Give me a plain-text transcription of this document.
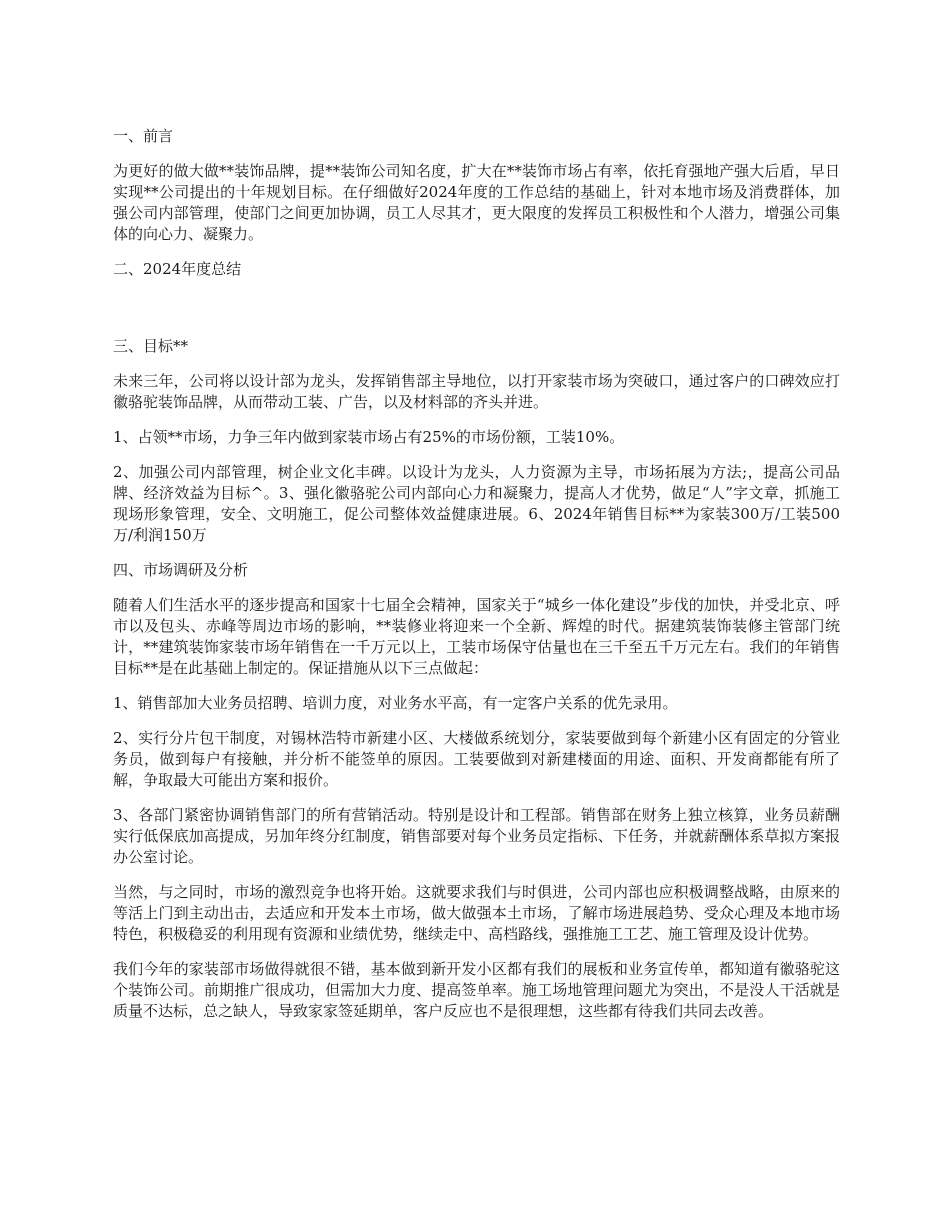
一、前言
为更好的做大做**装饰品牌，提**装饰公司知名度，扩大在**装饰市场占有率，依托育强地产强大后盾，早日实现**公司提出的十年规划目标。在仔细做好2024年度的工作总结的基础上，针对本地市场及消费群体，加强公司内部管理，使部门之间更加协调，员工人尽其才，更大限度的发挥员工积极性和个人潜力，增强公司集体的向心力、凝聚力。
二、2024年度总结
三、目标**
未来三年，公司将以设计部为龙头，发挥销售部主导地位，以打开家装市场为突破口，通过客户的口碑效应打徽骆驼装饰品牌，从而带动工装、广告，以及材料部的齐头并进。
1、占领**市场，力争三年内做到家装市场占有25%的市场份额，工装10%。
2、加强公司内部管理，树企业文化丰碑。以设计为龙头，人力资源为主导，市场拓展为方法;，提高公司品牌、经济效益为目标^。3、强化徽骆驼公司内部向心力和凝聚力，提高人才优势，做足“人”字文章，抓施工现场形象管理，安全、文明施工，促公司整体效益健康进展。6、2024年销售目标**为家装300万/工装500万/利润150万
四、市场调研及分析
随着人们生活水平的逐步提高和国家十七届全会精神，国家关于“城乡一体化建设”步伐的加快，并受北京、呼市以及包头、赤峰等周边市场的影响，**装修业将迎来一个全新、辉煌的时代。据建筑装饰装修主管部门统计，**建筑装饰家装市场年销售在一千万元以上，工装市场保守估量也在三千至五千万元左右。我们的年销售目标**是在此基础上制定的。保证措施从以下三点做起：
1、销售部加大业务员招聘、培训力度，对业务水平高，有一定客户关系的优先录用。
2、实行分片包干制度，对锡林浩特市新建小区、大楼做系统划分，家装要做到每个新建小区有固定的分管业务员，做到每户有接触，并分析不能签单的原因。工装要做到对新建楼面的用途、面积、开发商都能有所了解，争取最大可能出方案和报价。
3、各部门紧密协调销售部门的所有营销活动。特别是设计和工程部。销售部在财务上独立核算，业务员薪酬实行低保底加高提成，另加年终分红制度，销售部要对每个业务员定指标、下任务，并就薪酬体系草拟方案报办公室讨论。
当然，与之同时，市场的激烈竞争也将开始。这就要求我们与时俱进，公司内部也应积极调整战略，由原来的等活上门到主动出击，去适应和开发本土市场，做大做强本土市场，了解市场进展趋势、受众心理及本地市场特色，积极稳妥的利用现有资源和业绩优势，继续走中、高档路线，强推施工工艺、施工管理及设计优势。
我们今年的家装部市场做得就很不错，基本做到新开发小区都有我们的展板和业务宣传单，都知道有徽骆驼这个装饰公司。前期推广很成功，但需加大力度、提高签单率。施工场地管理问题尤为突出，不是没人干活就是质量不达标，总之缺人，导致家家签延期单，客户反应也不是很理想，这些都有待我们共同去改善。
